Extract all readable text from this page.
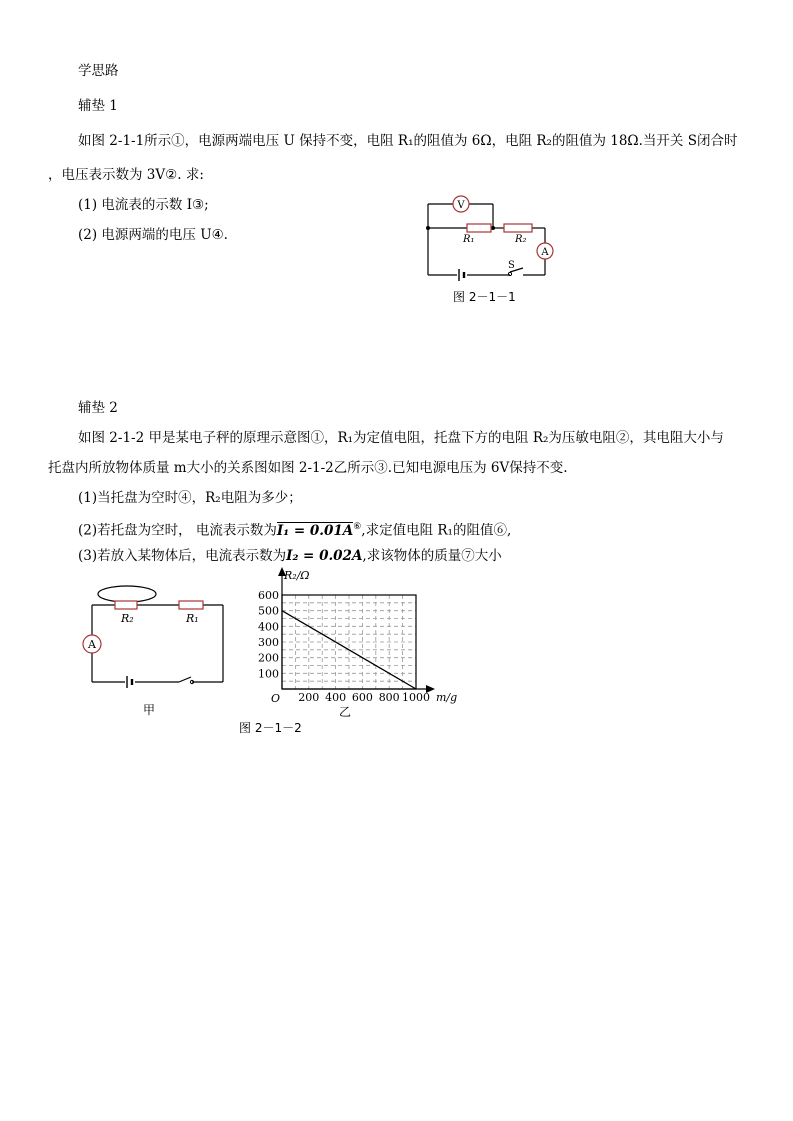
学思路
辅垫 1
如图 2-1-1所示①，电源两端电压 U 保持不变，电阻 R₁的阻值为 6Ω，电阻 R₂的阻值为 18Ω.当开关 S闭合时
，电压表示数为 3V②. 求:
(1) 电流表的示数 I③;
(2) 电源两端的电压 U④.
V
A
R₁	R₂
S
图 2－1－1
辅垫 2
如图 2-1-2 甲是某电子秤的原理示意图①，R₁为定值电阻，托盘下方的电阻 R₂为压敏电阻②，其电阻大小与
托盘内所放物体质量 m大小的关系图如图 2-1-2乙所示③.已知电源电压为 6V保持不变.
(1)当托盘为空时④，R₂电阻为多少；
(2)若托盘为空时， 电流表示数为I₁ = 0.01A⑥,求定值电阻 R₁的阻值⑥,
(3)若放入某物体后，电流表示数为I₂ = 0.02A,求该物体的质量⑦大小
A
R₂	R₁
甲
100
200
300
400
500
600
200 400 600 800 1000
R₂/Ω
m/g
O
乙
图 2－1－2
